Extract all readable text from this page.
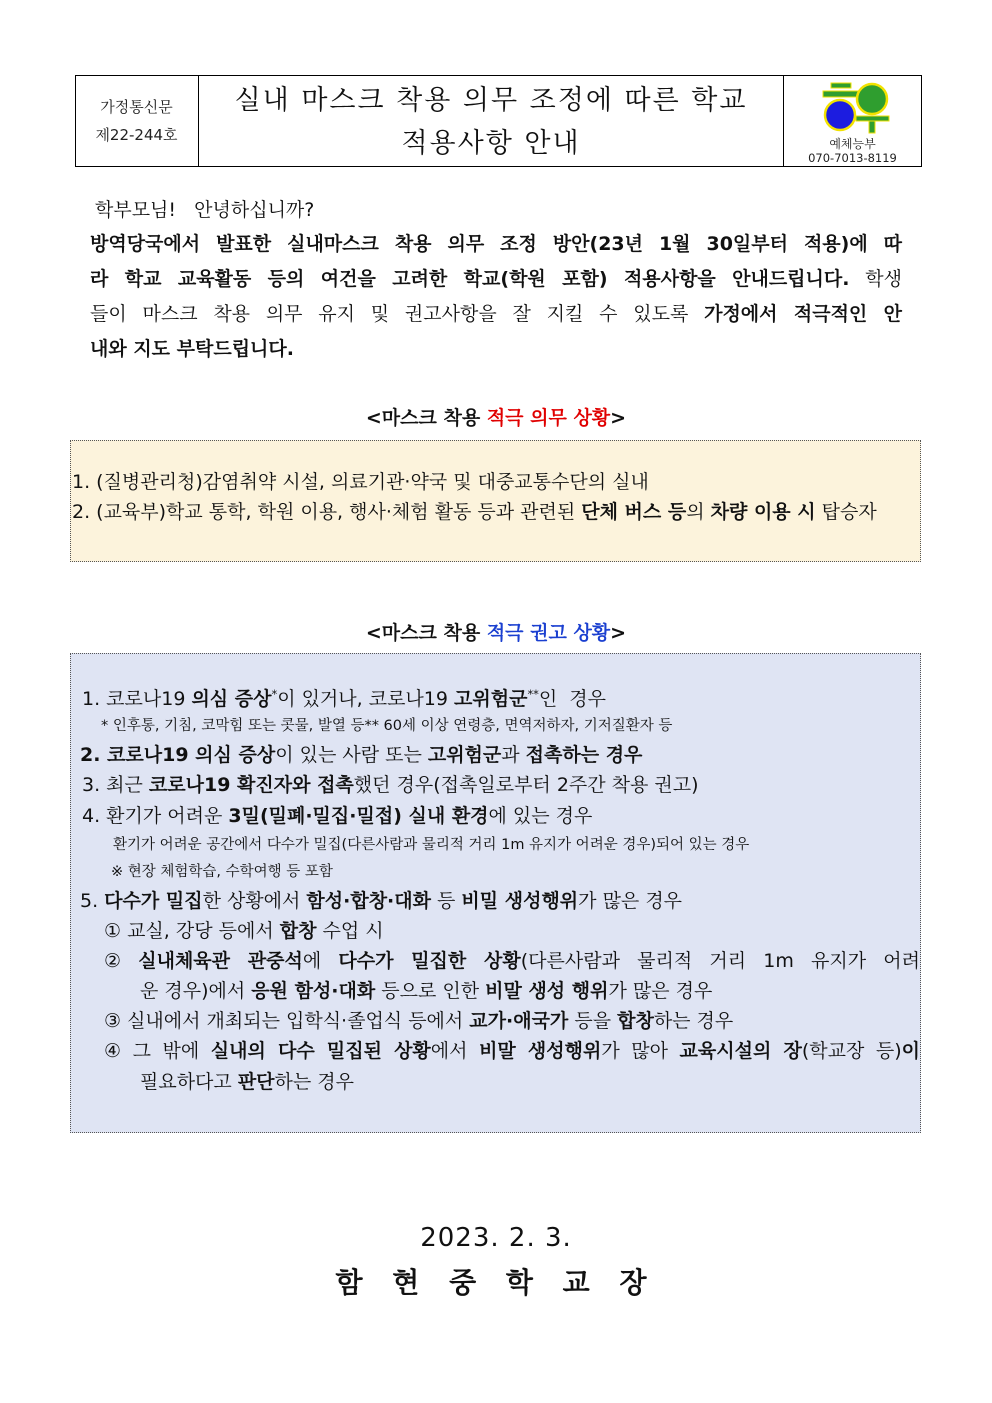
가정통신문
제22-244호
실내 마스크 착용 의무 조정에 따른 학교
적용사항 안내	예체능부
070-7013-8119
학부모님!   안녕하십니까?
방역당국에서 발표한 실내마스크 착용 의무 조정 방안(23년 1월 30일부터 적용)에 따
라 학교 교육활동 등의 여건을 고려한 학교(학원 포함) 적용사항을 안내드립니다. 학생
들이 마스크 착용 의무 유지 및 권고사항을 잘 지킬 수 있도록 가정에서 적극적인 안
내와 지도 부탁드립니다.
<마스크 착용 적극 의무 상황>
1. (질병관리청)감염취약 시설, 의료기관·약국 및 대중교통수단의 실내
2. (교육부)학교 통학, 학원 이용, 행사·체험 활동 등과 관련된 단체 버스 등의 차량 이용 시 탑승자
<마스크 착용 적극 권고 상황>
1. 코로나19 의심 증상*이 있거나, 코로나19 고위험군**인  경우
* 인후통, 기침, 코막힘 또는 콧물, 발열 등** 60세 이상 연령층, 면역저하자, 기저질환자 등
2. 코로나19 의심 증상이 있는 사람 또는 고위험군과 접촉하는 경우
3. 최근 코로나19 확진자와 접촉했던 경우(접촉일로부터 2주간 착용 권고)
4. 환기가 어려운 3밀(밀폐·밀집·밀접) 실내 환경에 있는 경우
환기가 어려운 공간에서 다수가 밀집(다른사람과 물리적 거리 1m 유지가 어려운 경우)되어 있는 경우
※ 현장 체험학습, 수학여행 등 포함
5. 다수가 밀집한 상황에서 함성·합창·대화 등 비밀 생성행위가 많은 경우
① 교실, 강당 등에서 합창 수업 시
② 실내체육관 관중석에 다수가 밀집한 상황(다른사람과 물리적 거리 1m 유지가 어려
운 경우)에서 응원 함성·대화 등으로 인한 비말 생성 행위가 많은 경우
③ 실내에서 개최되는 입학식·졸업식 등에서 교가·애국가 등을 합창하는 경우
④ 그 밖에 실내의 다수 밀집된 상황에서 비말 생성행위가 많아 교육시설의 장(학교장 등)이
필요하다고 판단하는 경우
2023. 2. 3.
함 현 중 학 교 장
